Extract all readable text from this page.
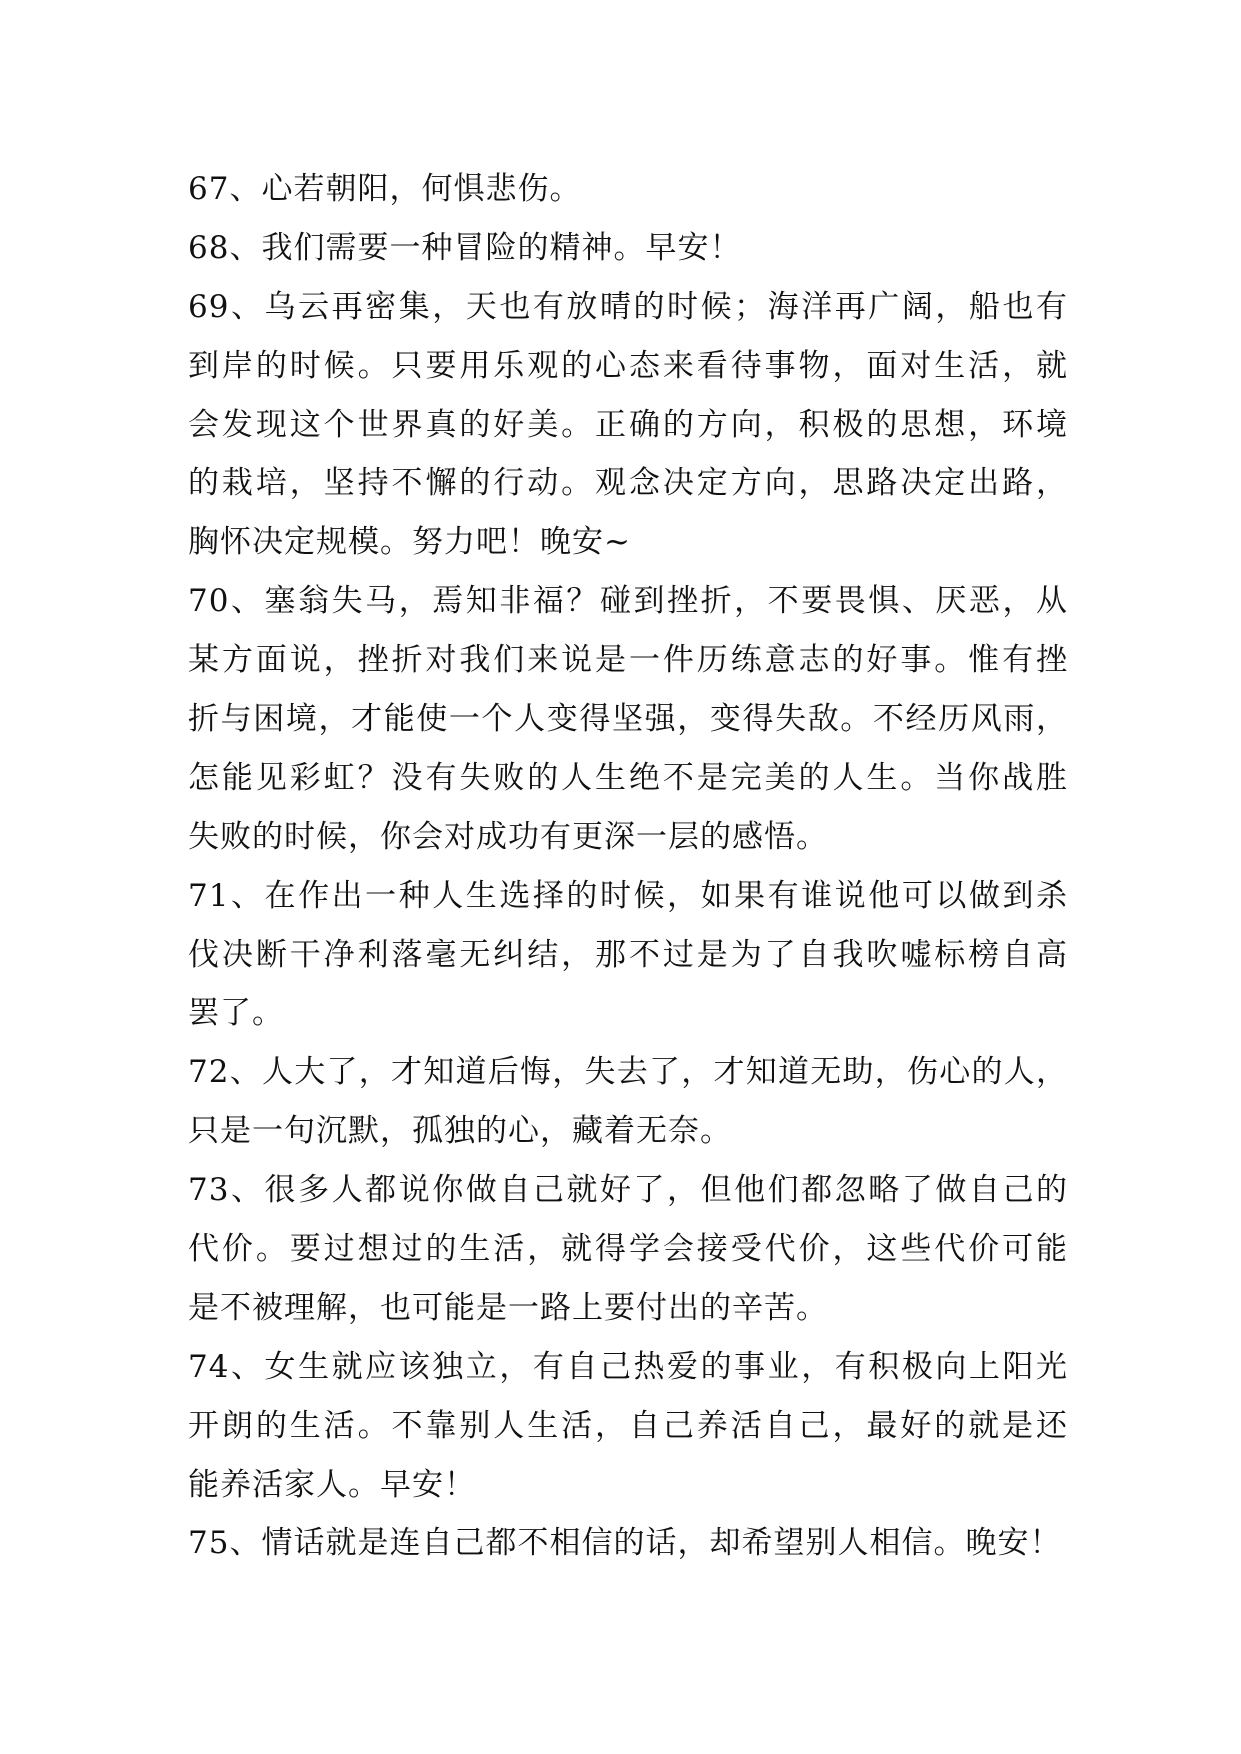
67、心若朝阳，何惧悲伤。
68、我们需要一种冒险的精神。早安！
69、乌云再密集，天也有放晴的时候；海洋再广阔，船也有
到岸的时候。只要用乐观的心态来看待事物，面对生活，就
会发现这个世界真的好美。正确的方向，积极的思想，环境
的栽培，坚持不懈的行动。观念决定方向，思路决定出路，
胸怀决定规模。努力吧！晚安~
70、塞翁失马，焉知非福？碰到挫折，不要畏惧、厌恶，从
某方面说，挫折对我们来说是一件历练意志的好事。惟有挫
折与困境，才能使一个人变得坚强，变得失敌。不经历风雨，
怎能见彩虹？没有失败的人生绝不是完美的人生。当你战胜
失败的时候，你会对成功有更深一层的感悟。
71、在作出一种人生选择的时候，如果有谁说他可以做到杀
伐决断干净利落毫无纠结，那不过是为了自我吹嘘标榜自高
罢了。
72、人大了，才知道后悔，失去了，才知道无助，伤心的人，
只是一句沉默，孤独的心，藏着无奈。
73、很多人都说你做自己就好了，但他们都忽略了做自己的
代价。要过想过的生活，就得学会接受代价，这些代价可能
是不被理解，也可能是一路上要付出的辛苦。
74、女生就应该独立，有自己热爱的事业，有积极向上阳光
开朗的生活。不靠别人生活，自己养活自己，最好的就是还
能养活家人。早安！
75、情话就是连自己都不相信的话，却希望别人相信。晚安！
